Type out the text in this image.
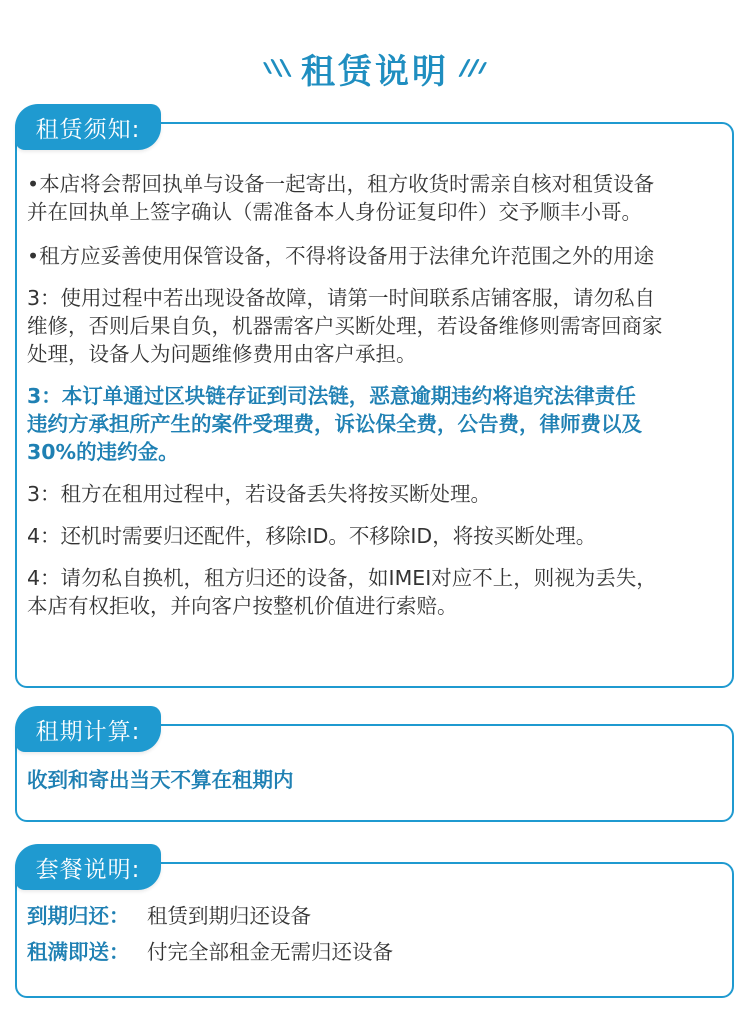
租赁说明

•本店将会帮回执单与设备一起寄出，租方收货时需亲自核对租赁设备
并在回执单上签字确认（需准备本人身份证复印件）交予顺丰小哥。

•租方应妥善使用保管设备，不得将设备用于法律允许范围之外的用途

3：使用过程中若出现设备故障，请第一时间联系店铺客服，请勿私自
维修，否则后果自负，机器需客户买断处理，若设备维修则需寄回商家
处理，设备人为问题维修费用由客户承担。

3：本订单通过区块链存证到司法链，恶意逾期违约将追究法律责任
违约方承担所产生的案件受理费，诉讼保全费，公告费，律师费以及
30%的违约金。

3：租方在租用过程中，若设备丢失将按买断处理。

4：还机时需要归还配件，移除ID。不移除ID，将按买断处理。

4：请勿私自换机，租方归还的设备，如IMEI对应不上，则视为丢失，
本店有权拒收，并向客户按整机价值进行索赔。

租赁须知:
收到和寄出当天不算在租期内
租期计算:
到期归还： 租赁到期归还设备
租满即送： 付完全部租金无需归还设备
套餐说明:
